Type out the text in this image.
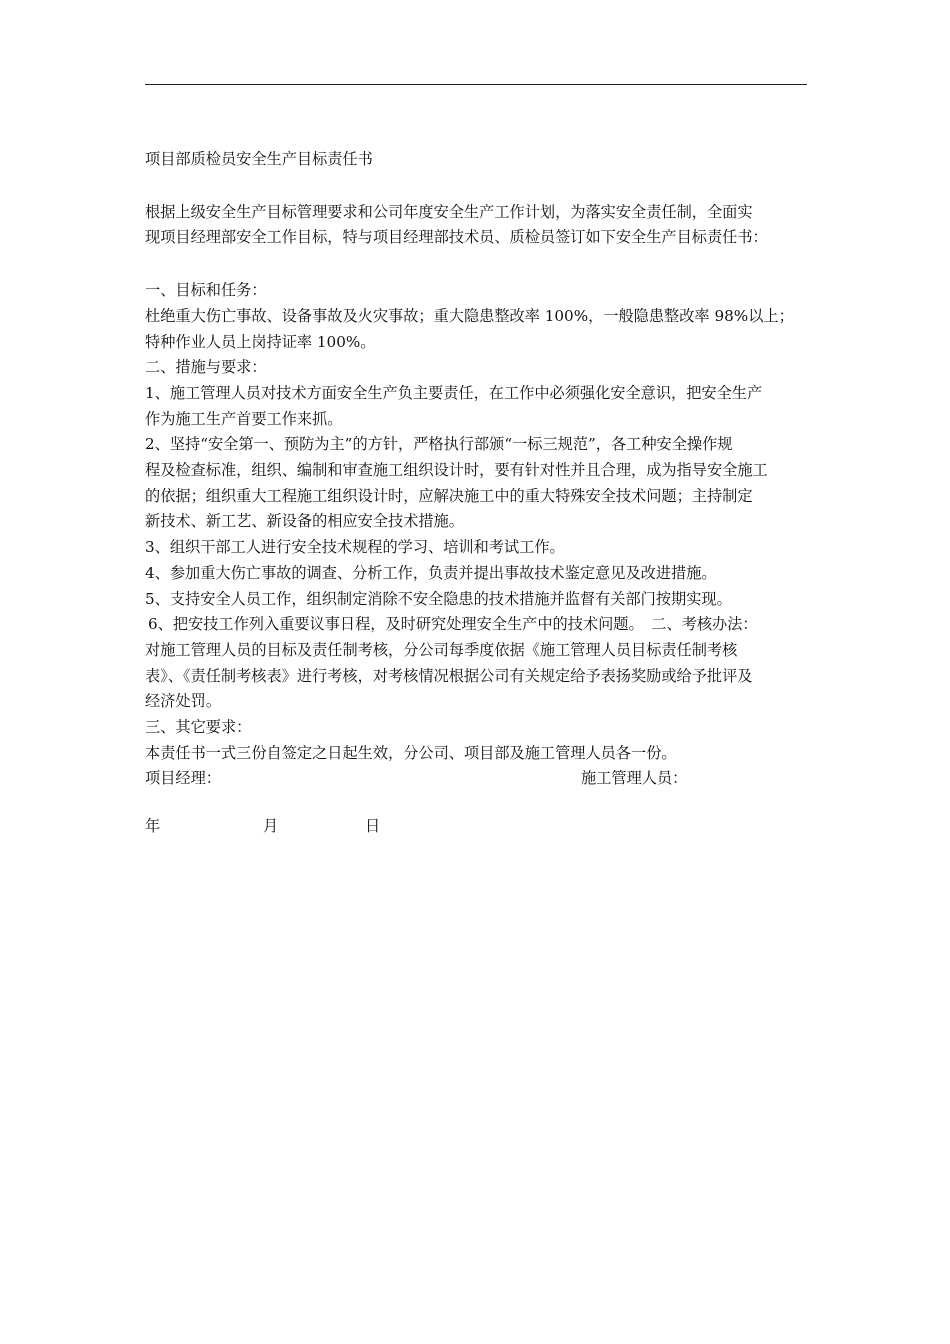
项目部质检员安全生产目标责任书

根据上级安全生产目标管理要求和公司年度安全生产工作计划，为落实安全责任制，全面实

现项目经理部安全工作目标，特与项目经理部技术员、质检员签订如下安全生产目标责任书：

一、目标和任务：

杜绝重大伤亡事故、设备事故及火灾事故；重大隐患整改率 100%，一般隐患整改率 98%以上；

特种作业人员上岗持证率 100%。

二、措施与要求：

1、施工管理人员对技术方面安全生产负主要责任，在工作中必须强化安全意识，把安全生产

作为施工生产首要工作来抓。

2、坚持“安全第一、预防为主”的方针，严格执行部颁“一标三规范”，各工种安全操作规

程及检查标准，组织、编制和审查施工组织设计时，要有针对性并且合理，成为指导安全施工

的依据；组织重大工程施工组织设计时，应解决施工中的重大特殊安全技术问题；主持制定

新技术、新工艺、新设备的相应安全技术措施。

3、组织干部工人进行安全技术规程的学习、培训和考试工作。

4、参加重大伤亡事故的调查、分析工作，负责并提出事故技术鉴定意见及改进措施。

5、支持安全人员工作，组织制定消除不安全隐患的技术措施并监督有关部门按期实现。

6、把安技工作列入重要议事日程，及时研究处理安全生产中的技术问题。　二、考核办法：

对施工管理人员的目标及责任制考核，分公司每季度依据《施工管理人员目标责任制考核

表》、《责任制考核表》进行考核，对考核情况根据公司有关规定给予表扬奖励或给予批评及

经济处罚。

三、其它要求：

本责任书一式三份自签定之日起生效，分公司、项目部及施工管理人员各一份。

项目经理：	施工管理人员：
年	月	日
